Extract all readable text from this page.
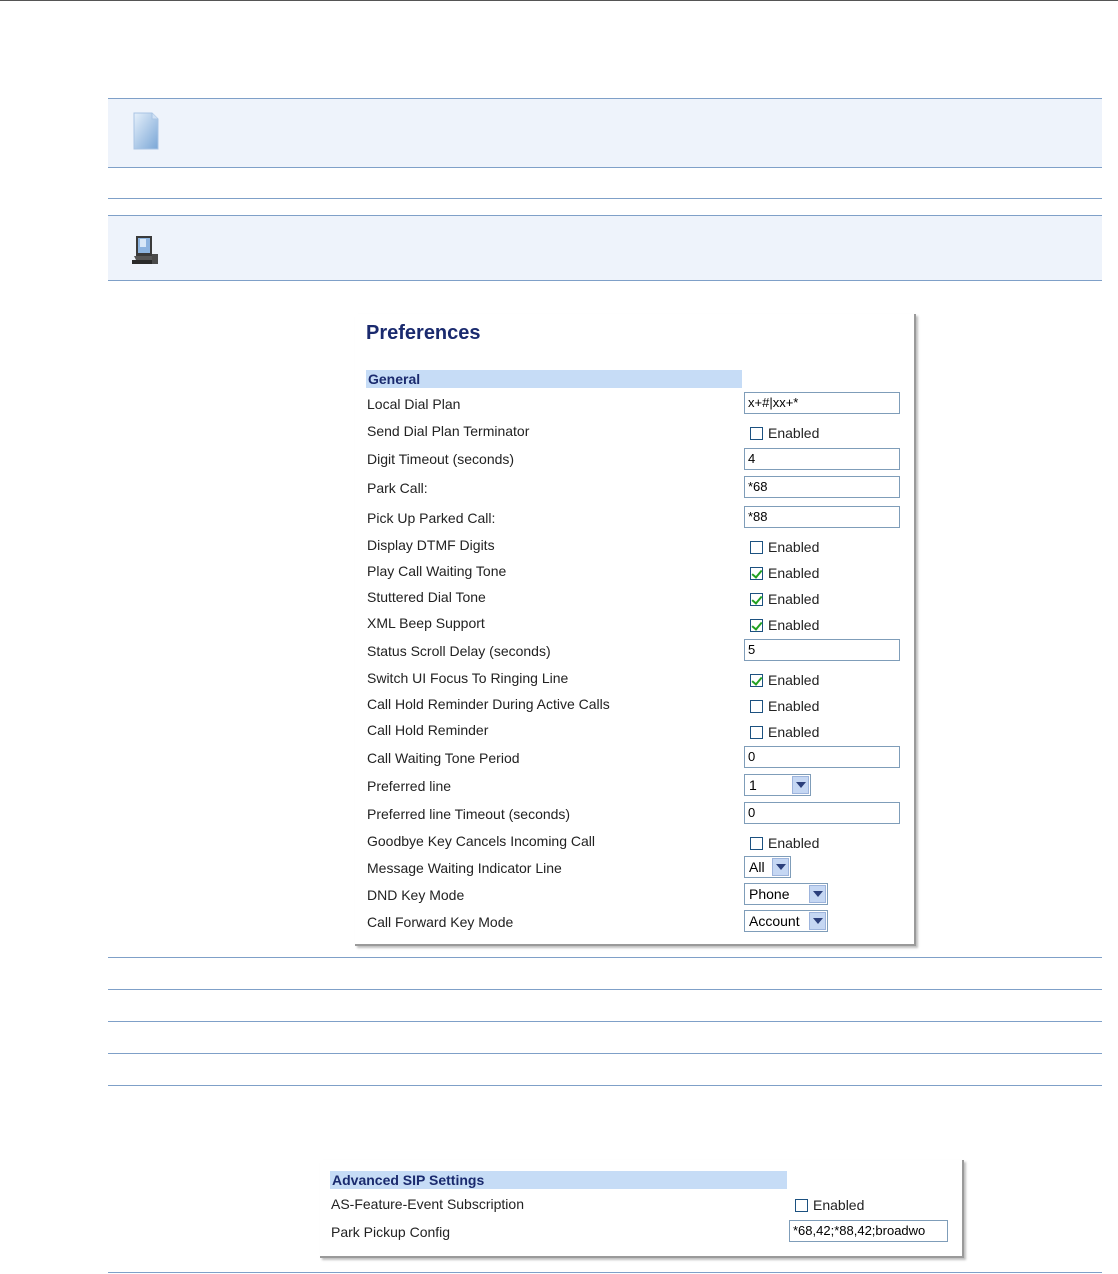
Preferences
General
Local Dial Plan	x+#|xx+*
Send Dial Plan Terminator	Enabled
Digit Timeout (seconds)	4
Park Call:	*68
Pick Up Parked Call:	*88
Display DTMF Digits	Enabled
Play Call Waiting Tone	Enabled
Stuttered Dial Tone	Enabled
XML Beep Support	Enabled
Status Scroll Delay (seconds)	5
Switch UI Focus To Ringing Line	Enabled
Call Hold Reminder During Active Calls	Enabled
Call Hold Reminder	Enabled
Call Waiting Tone Period	0
Preferred line	1
Preferred line Timeout (seconds)	0
Goodbye Key Cancels Incoming Call	Enabled
Message Waiting Indicator Line	All
DND Key Mode	Phone
Call Forward Key Mode	Account
Advanced SIP Settings
AS-Feature-Event Subscription	Enabled
Park Pickup Config	*68,42;*88,42;broadwo
